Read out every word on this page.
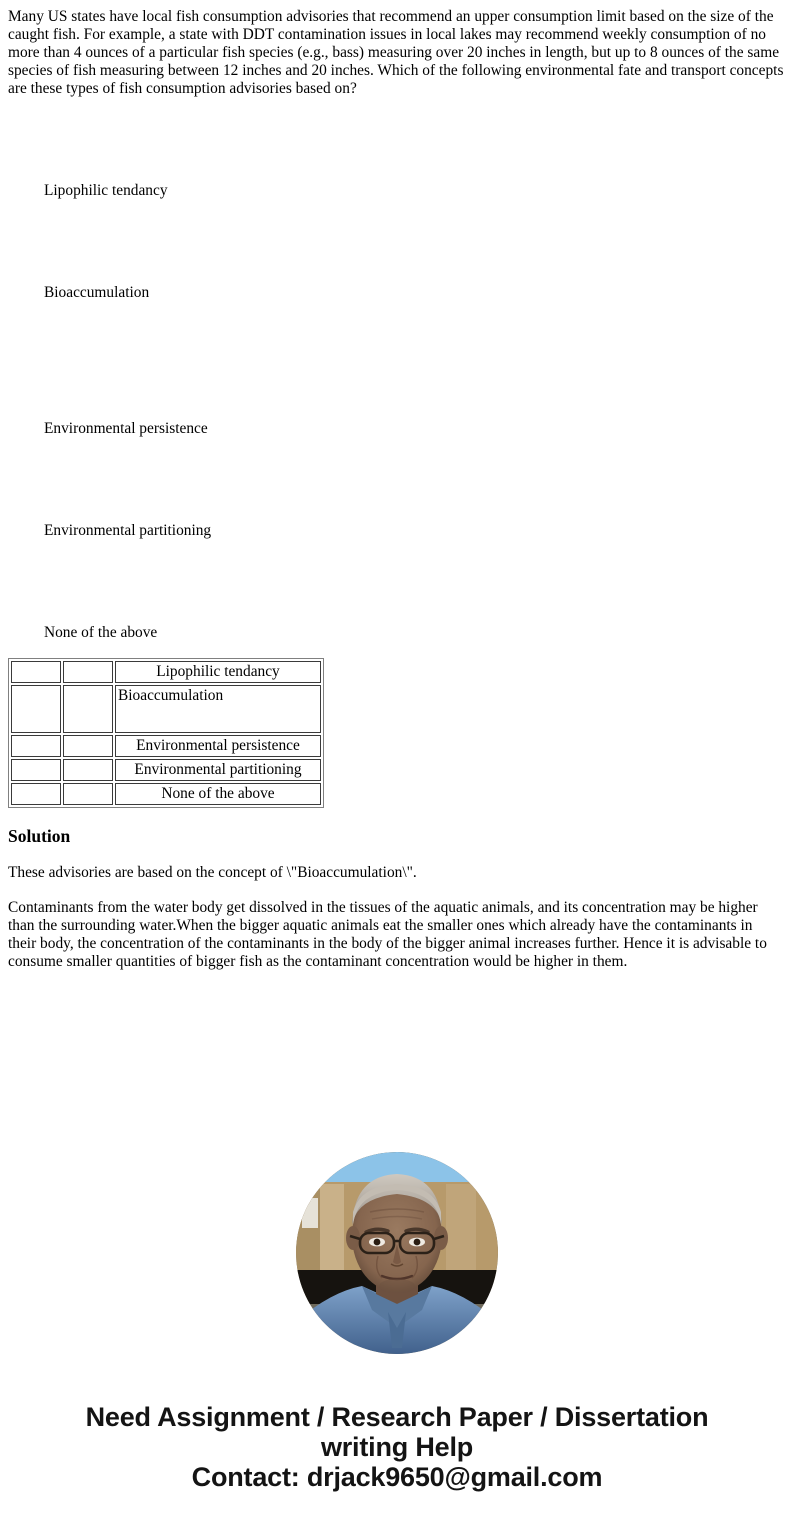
Many US states have local fish consumption advisories that recommend an upper consumption limit based on the size of the caught fish. For example, a state with DDT contamination issues in local lakes may recommend weekly consumption of no more than 4 ounces of a particular fish species (e.g., bass) measuring over 20 inches in length, but up to 8 ounces of the same species of fish measuring between 12 inches and 20 inches. Which of the following environmental fate and transport concepts are these types of fish consumption advisories based on?
Lipophilic tendancy
Bioaccumulation
Environmental persistence
Environmental partitioning
None of the above
		Lipophilic tendancy
		Bioaccumulation
		Environmental persistence
		Environmental partitioning
		None of the above
Solution
These advisories are based on the concept of \"Bioaccumulation\".
Contaminants from the water body get dissolved in the tissues of the aquatic animals, and its concentration may be higher than the surrounding water.When the bigger aquatic animals eat the smaller ones which already have the contaminants in their body, the concentration of the contaminants in the body of the bigger animal increases further. Hence it is advisable to consume smaller quantities of bigger fish as the contaminant concentration would be higher in them.
Need Assignment / Research Paper / Dissertation
writing Help
Contact: drjack9650@gmail.com
